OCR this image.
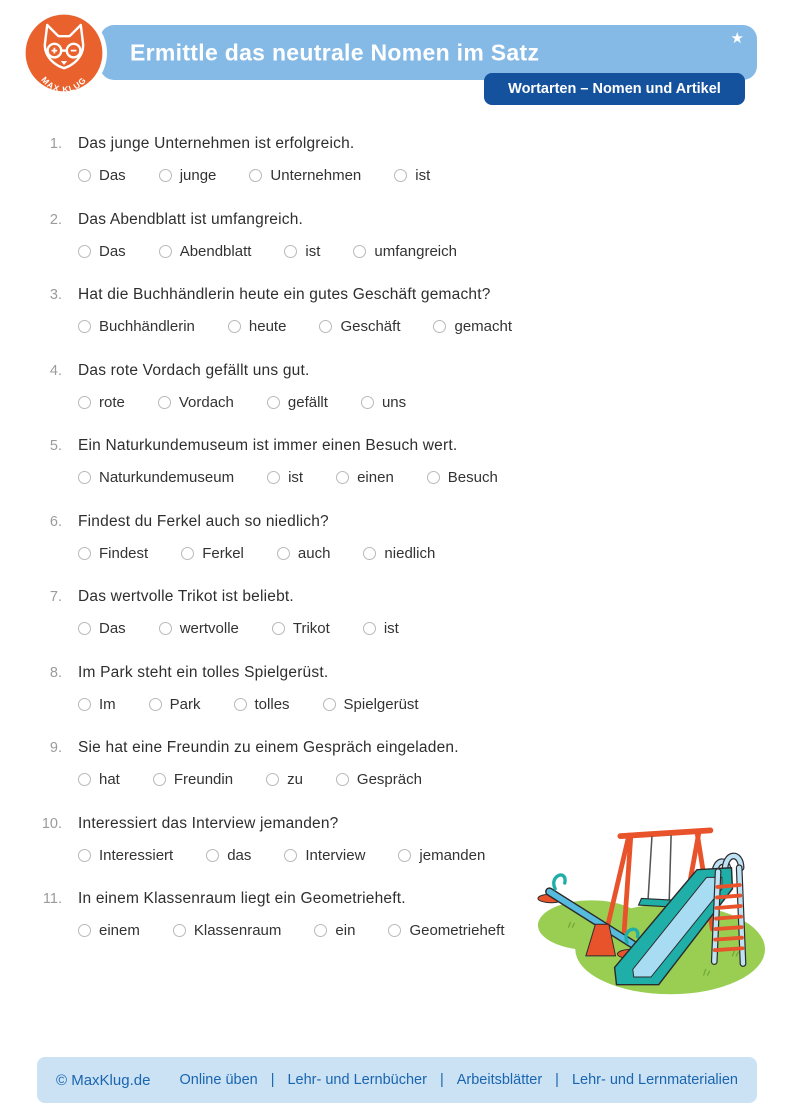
Ermittle das neutrale Nomen im Satz
★
Wortarten – Nomen und Artikel
MAX KLUG
1. Das junge Unternehmen ist erfolgreich.
Das	junge	Unternehmen	ist
2. Das Abendblatt ist umfangreich.
Das	Abendblatt	ist	umfangreich
3. Hat die Buchhändlerin heute ein gutes Geschäft gemacht?
Buchhändlerin	heute	Geschäft	gemacht
4. Das rote Vordach gefällt uns gut.
rote	Vordach	gefällt	uns
5. Ein Naturkundemuseum ist immer einen Besuch wert.
Naturkundemuseum	ist	einen	Besuch
6. Findest du Ferkel auch so niedlich?
Findest	Ferkel	auch	niedlich
7. Das wertvolle Trikot ist beliebt.
Das	wertvolle	Trikot	ist
8. Im Park steht ein tolles Spielgerüst.
Im	Park	tolles	Spielgerüst
9. Sie hat eine Freundin zu einem Gespräch eingeladen.
hat	Freundin	zu	Gespräch
10. Interessiert das Interview jemanden?
Interessiert	das	Interview	jemanden
11. In einem Klassenraum liegt ein Geometrieheft.
einem	Klassenraum	ein	Geometrieheft
© MaxKlug.de Online üben | Lehr- und Lernbücher | Arbeitsblätter | Lehr- und Lernmaterialien
